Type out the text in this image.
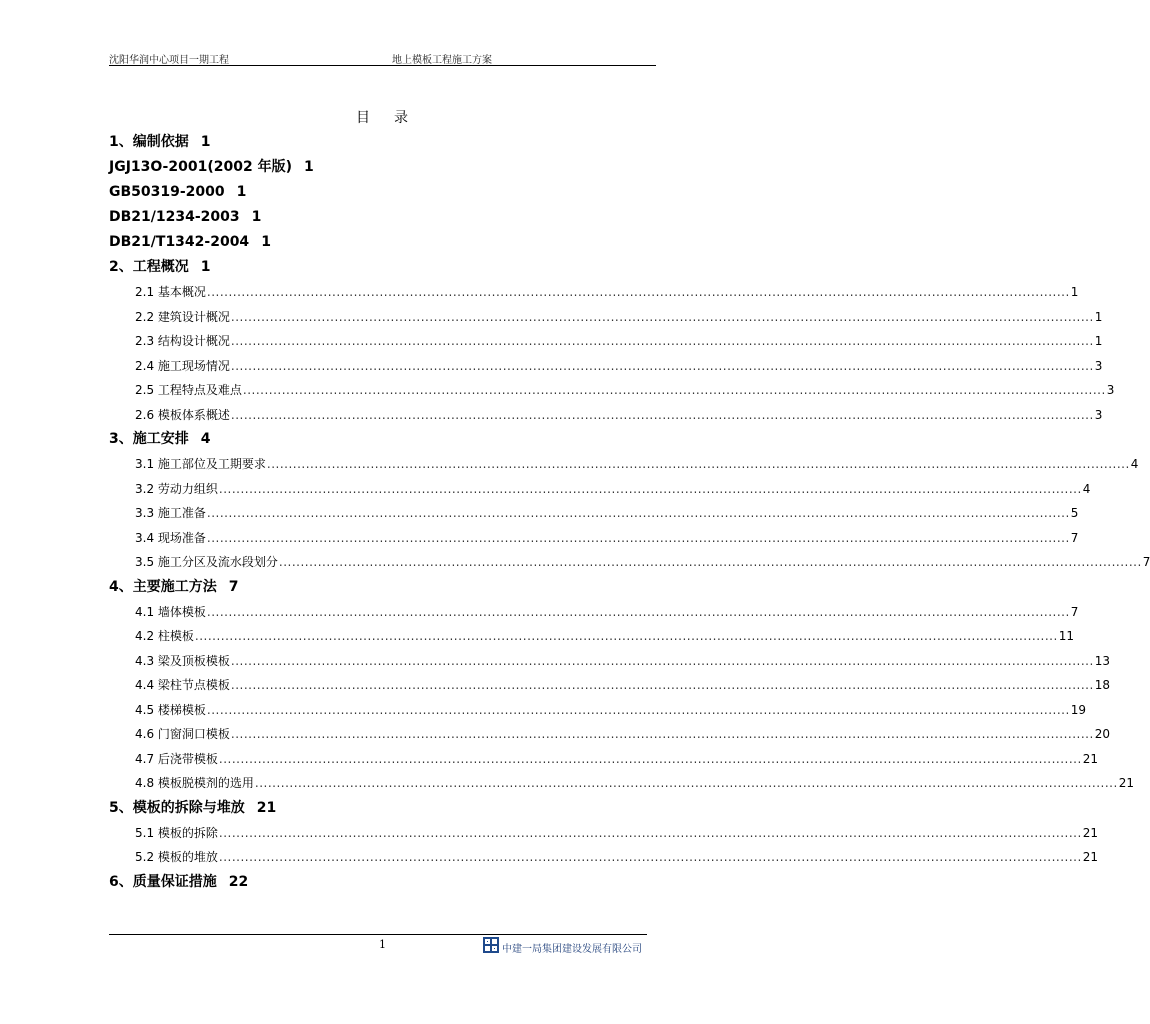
沈阳华润中心项目一期工程	地上模板工程施工方案
目 录
1、编制依据 1
JGJ13O-2001(2002 年版) 1
GB50319-2000 1
DB21/1234-2003 1
DB21/T1342-2004 1
2、工程概况 1
2.1 基本概况 ........................................................................................................................................................................................................ 1
2.2 建筑设计概况 ........................................................................................................................................................................................................ 1
2.3 结构设计概况 ........................................................................................................................................................................................................ 1
2.4 施工现场情况 ........................................................................................................................................................................................................ 3
2.5 工程特点及难点 ........................................................................................................................................................................................................ 3
2.6 模板体系概述 ........................................................................................................................................................................................................ 3
3、施工安排 4
3.1 施工部位及工期要求 ........................................................................................................................................................................................................ 4
3.2 劳动力组织 ........................................................................................................................................................................................................ 4
3.3 施工准备 ........................................................................................................................................................................................................ 5
3.4 现场准备 ........................................................................................................................................................................................................ 7
3.5 施工分区及流水段划分 ........................................................................................................................................................................................................ 7
4、主要施工方法 7
4.1 墙体模板 ........................................................................................................................................................................................................ 7
4.2 柱模板 ........................................................................................................................................................................................................ 11
4.3 梁及顶板模板 ........................................................................................................................................................................................................ 13
4.4 梁柱节点模板 ........................................................................................................................................................................................................ 18
4.5 楼梯模板 ........................................................................................................................................................................................................ 19
4.6 门窗洞口模板 ........................................................................................................................................................................................................ 20
4.7 后浇带模板 ........................................................................................................................................................................................................ 21
4.8 模板脱模剂的选用 ........................................................................................................................................................................................................ 21
5、模板的拆除与堆放 21
5.1 模板的拆除 ........................................................................................................................................................................................................ 21
5.2 模板的堆放 ........................................................................................................................................................................................................ 21
6、质量保证措施 22
1	中建一局集团建设发展有限公司
